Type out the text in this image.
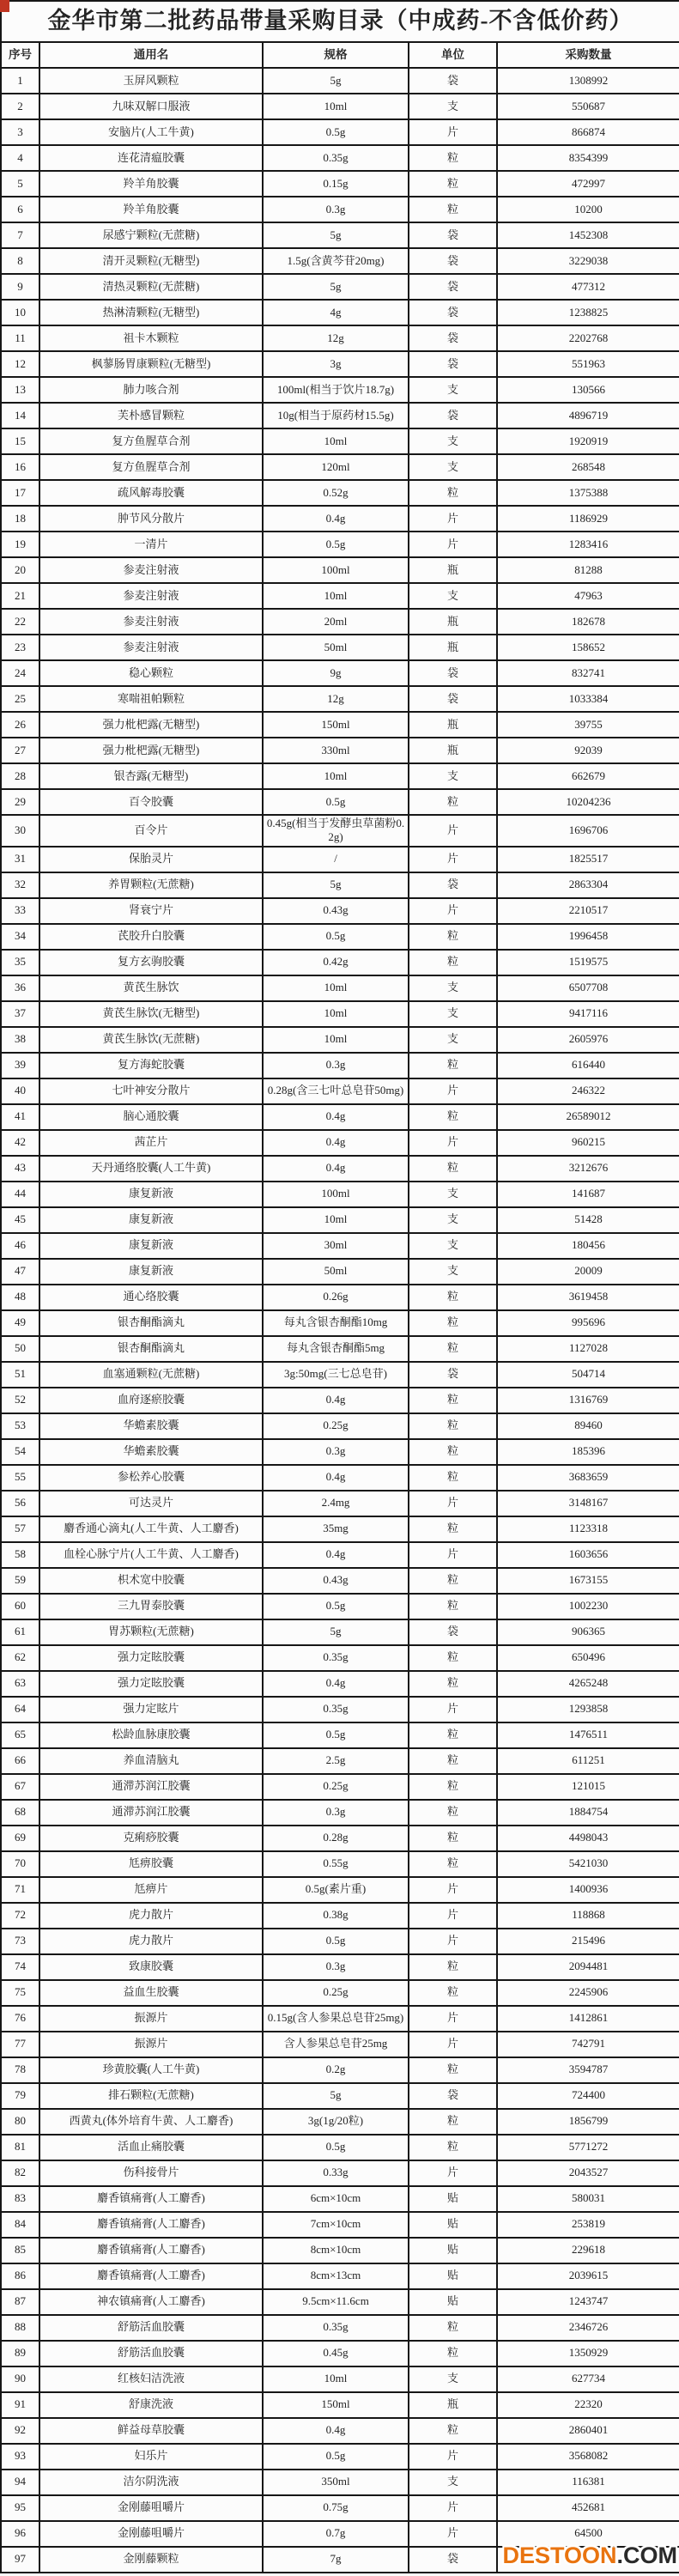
金华市第二批药品带量采购目录（中成药-不含低价药）				
序号	通用名	规格	单位	采购数量
1	玉屏风颗粒	5g	袋	1308992
2	九味双解口服液	10ml	支	550687
3	安脑片(人工牛黄)	0.5g	片	866874
4	连花清瘟胶囊	0.35g	粒	8354399
5	羚羊角胶囊	0.15g	粒	472997
6	羚羊角胶囊	0.3g	粒	10200
7	尿感宁颗粒(无蔗糖)	5g	袋	1452308
8	清开灵颗粒(无糖型)	1.5g(含黄芩苷20mg)	袋	3229038
9	清热灵颗粒(无蔗糖)	5g	袋	477312
10	热淋清颗粒(无糖型)	4g	袋	1238825
11	祖卡木颗粒	12g	袋	2202768
12	枫蓼肠胃康颗粒(无糖型)	3g	袋	551963
13	肺力咳合剂	100ml(相当于饮片18.7g)	支	130566
14	芙朴感冒颗粒	10g(相当于原药材15.5g)	袋	4896719
15	复方鱼腥草合剂	10ml	支	1920919
16	复方鱼腥草合剂	120ml	支	268548
17	疏风解毒胶囊	0.52g	粒	1375388
18	肿节风分散片	0.4g	片	1186929
19	一清片	0.5g	片	1283416
20	参麦注射液	100ml	瓶	81288
21	参麦注射液	10ml	支	47963
22	参麦注射液	20ml	瓶	182678
23	参麦注射液	50ml	瓶	158652
24	稳心颗粒	9g	袋	832741
25	寒喘祖帕颗粒	12g	袋	1033384
26	强力枇杷露(无糖型)	150ml	瓶	39755
27	强力枇杷露(无糖型)	330ml	瓶	92039
28	银杏露(无糖型)	10ml	支	662679
29	百令胶囊	0.5g	粒	10204236
30	百令片	0.45g(相当于发酵虫草菌粉0.2g)	片	1696706
31	保胎灵片	/	片	1825517
32	养胃颗粒(无蔗糖)	5g	袋	2863304
33	肾衰宁片	0.43g	片	2210517
34	芪胶升白胶囊	0.5g	粒	1996458
35	复方玄驹胶囊	0.42g	粒	1519575
36	黄芪生脉饮	10ml	支	6507708
37	黄芪生脉饮(无糖型)	10ml	支	9417116
38	黄芪生脉饮(无蔗糖)	10ml	支	2605976
39	复方海蛇胶囊	0.3g	粒	616440
40	七叶神安分散片	0.28g(含三七叶总皂苷50mg)	片	246322
41	脑心通胶囊	0.4g	粒	26589012
42	茜芷片	0.4g	片	960215
43	天丹通络胶囊(人工牛黄)	0.4g	粒	3212676
44	康复新液	100ml	支	141687
45	康复新液	10ml	支	51428
46	康复新液	30ml	支	180456
47	康复新液	50ml	支	20009
48	通心络胶囊	0.26g	粒	3619458
49	银杏酮酯滴丸	每丸含银杏酮酯10mg	粒	995696
50	银杏酮酯滴丸	每丸含银杏酮酯5mg	粒	1127028
51	血塞通颗粒(无蔗糖)	3g:50mg(三七总皂苷)	袋	504714
52	血府逐瘀胶囊	0.4g	粒	1316769
53	华蟾素胶囊	0.25g	粒	89460
54	华蟾素胶囊	0.3g	粒	185396
55	参松养心胶囊	0.4g	粒	3683659
56	可达灵片	2.4mg	片	3148167
57	麝香通心滴丸(人工牛黄、人工麝香)	35mg	粒	1123318
58	血栓心脉宁片(人工牛黄、人工麝香)	0.4g	片	1603656
59	枳术宽中胶囊	0.43g	粒	1673155
60	三九胃泰胶囊	0.5g	粒	1002230
61	胃苏颗粒(无蔗糖)	5g	袋	906365
62	强力定眩胶囊	0.35g	粒	650496
63	强力定眩胶囊	0.4g	粒	4265248
64	强力定眩片	0.35g	片	1293858
65	松龄血脉康胶囊	0.5g	粒	1476511
66	养血清脑丸	2.5g	粒	611251
67	通滞苏润江胶囊	0.25g	粒	121015
68	通滞苏润江胶囊	0.3g	粒	1884754
69	克痢痧胶囊	0.28g	粒	4498043
70	尪痹胶囊	0.55g	粒	5421030
71	尪痹片	0.5g(素片重)	片	1400936
72	虎力散片	0.38g	片	118868
73	虎力散片	0.5g	片	215496
74	致康胶囊	0.3g	粒	2094481
75	益血生胶囊	0.25g	粒	2245906
76	振源片	0.15g(含人参果总皂苷25mg)	片	1412861
77	振源片	含人参果总皂苷25mg	片	742791
78	珍黄胶囊(人工牛黄)	0.2g	粒	3594787
79	排石颗粒(无蔗糖)	5g	袋	724400
80	西黄丸(体外培育牛黄、人工麝香)	3g(1g/20粒)	粒	1856799
81	活血止痛胶囊	0.5g	粒	5771272
82	伤科接骨片	0.33g	片	2043527
83	麝香镇痛膏(人工麝香)	6cm×10cm	贴	580031
84	麝香镇痛膏(人工麝香)	7cm×10cm	贴	253819
85	麝香镇痛膏(人工麝香)	8cm×10cm	贴	229618
86	麝香镇痛膏(人工麝香)	8cm×13cm	贴	2039615
87	神农镇痛膏(人工麝香)	9.5cm×11.6cm	贴	1243747
88	舒筋活血胶囊	0.35g	粒	2346726
89	舒筋活血胶囊	0.45g	粒	1350929
90	红核妇洁洗液	10ml	支	627734
91	舒康洗液	150ml	瓶	22320
92	鲜益母草胶囊	0.4g	粒	2860401
93	妇乐片	0.5g	片	3568082
94	洁尔阴洗液	350ml	支	116381
95	金刚藤咀嚼片	0.75g	片	452681
96	金刚藤咀嚼片	0.7g	片	64500
97	金刚藤颗粒	7g	袋	DESTOON.COM
